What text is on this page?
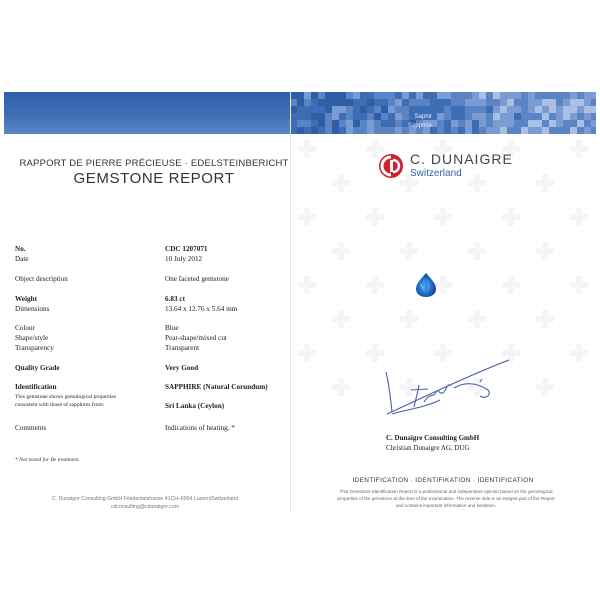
Saphir
Sapphire
RAPPORT DE PIERRE PRÉCIEUSE · EDELSTEINBERICHT
GEMSTONE REPORT
C. DUNAIGRE
Switzerland
No.	CDC 1207071
Date	10 July 2012
Object description	One faceted gemstone
Weight	6.83 ct
Dimensions	13.64 x 12.76 x 5.64 mm
Colour	Blue
Shape/style	Pear-shape/mixed cut
Transparency	Transparent
Quality Grade	Very Good
Identification	SAPPHIRE (Natural Corundum)
This gemstone shows gemological properties
consistent with those of sapphires from:	Sri Lanka (Ceylon)
Comments	Indications of heating. *
C. Dunaigre Consulting GmbH
Christian Dunaigre AG, DUG
* Not tested for Be treatment.
IDENTIFICATION · IDENTIFIKATION · IDENTIFICATION
This Gemstone Identification Report is a professional and independent opinion based on the gemological
properties of the gemstone at the time of the examination. The reverse side is an integral part of the Report
and contains important information and limitation.
C. Dunaigre Consulting GmbH Friedentalstrasse 41CH–6004 Luzern/Switzerland
cdconsulting@cdunaigre.com
